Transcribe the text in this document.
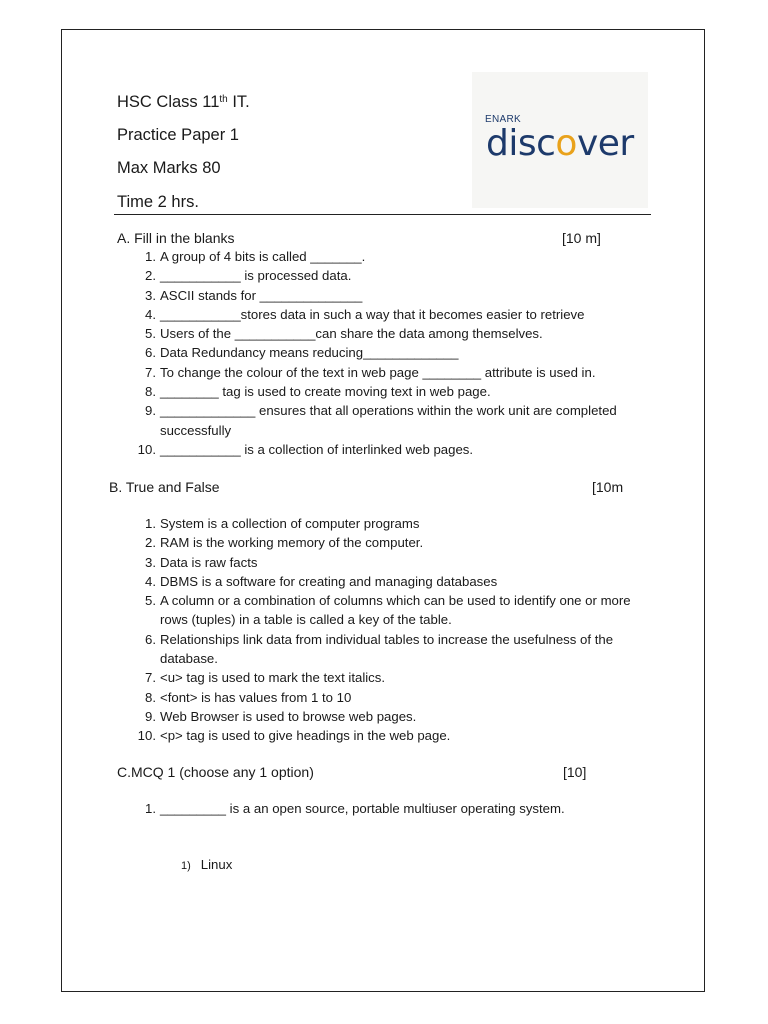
HSC Class 11th IT.
Practice Paper 1
Max Marks 80
Time 2 hrs.
ENARK
discover
A. Fill in the blanks	[10 m]
1. A group of 4 bits is called _______.
2. ___________ is processed data.
3. ASCII stands for ______________
4. ___________stores data in such a way that it becomes easier to retrieve
5. Users of the ___________can share the data among themselves.
6. Data Redundancy means reducing_____________
7. To change the colour of the text in web page ________ attribute is used in.
8. ________ tag is used to create moving text in web page.
9. _____________ ensures that all operations within the work unit are completed successfully
10. ___________ is a collection of interlinked web pages.
B. True and False	[10m
1. System is a collection of computer programs
2. RAM is the working memory of the computer.
3. Data is raw facts
4. DBMS is a software for creating and managing databases
5. A column or a combination of columns which can be used to identify one or more rows (tuples) in a table is called a key of the table.
6. Relationships link data from individual tables to increase the usefulness of the database.
7. <u> tag is used to mark the text italics.
8. <font> is has values from 1 to 10
9. Web Browser is used to browse web pages.
10. <p> tag is used to give headings in the web page.
C.MCQ 1 (choose any 1 option)	[10]
1. _________ is a an open source, portable multiuser operating system.
1) Linux
